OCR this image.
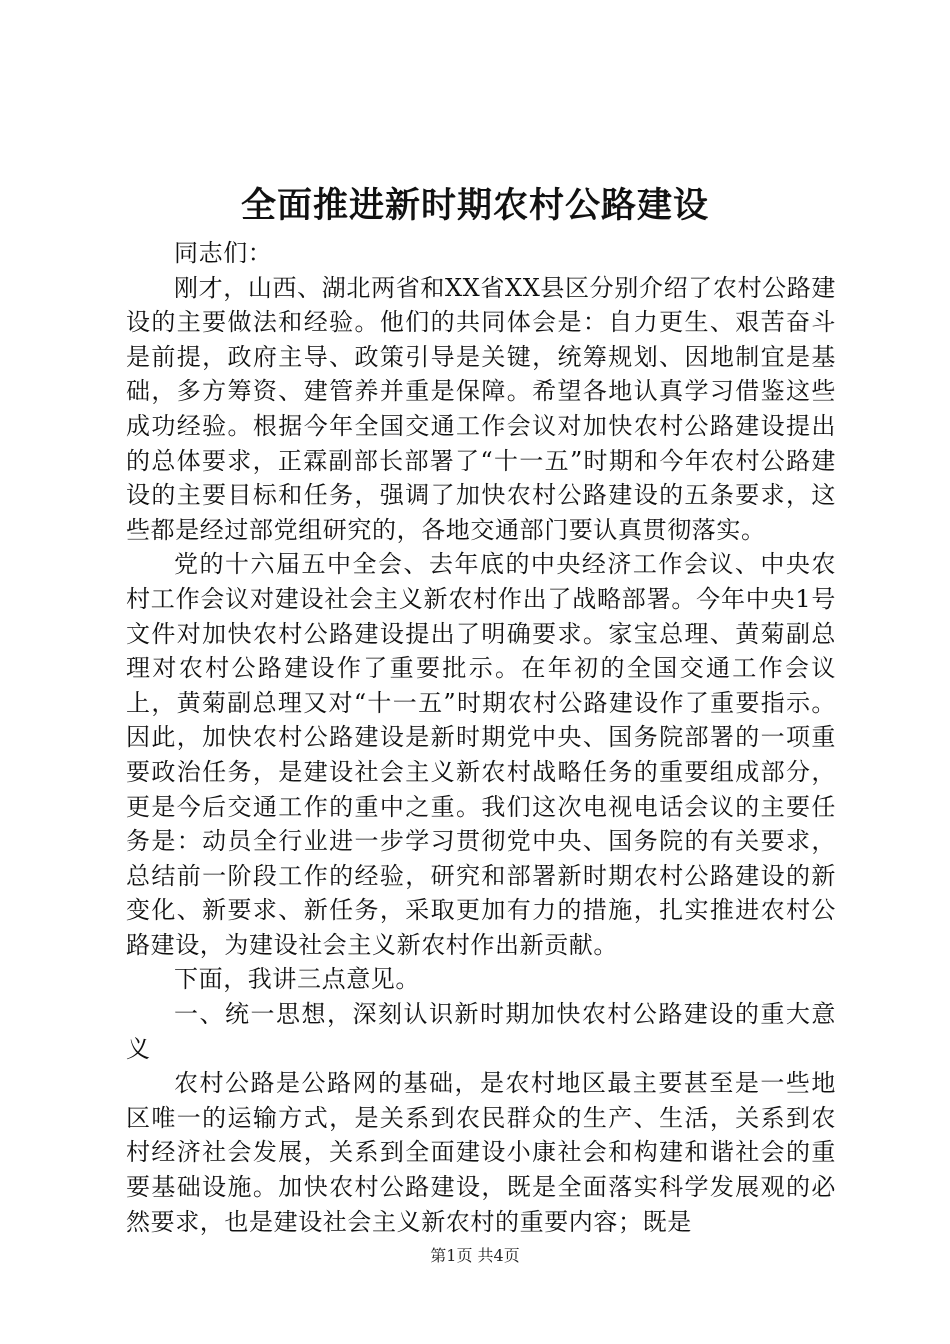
全面推进新时期农村公路建设

同志们：

刚才，山西、湖北两省和XX省XX县区分别介绍了农村公路建设的主要做法和经验。他们的共同体会是：自力更生、艰苦奋斗是前提，政府主导、政策引导是关键，统筹规划、因地制宜是基础，多方筹资、建管养并重是保障。希望各地认真学习借鉴这些成功经验。根据今年全国交通工作会议对加快农村公路建设提出的总体要求，正霖副部长部署了“十一五”时期和今年农村公路建设的主要目标和任务，强调了加快农村公路建设的五条要求，这些都是经过部党组研究的，各地交通部门要认真贯彻落实。

党的十六届五中全会、去年底的中央经济工作会议、中央农村工作会议对建设社会主义新农村作出了战略部署。今年中央1号文件对加快农村公路建设提出了明确要求。家宝总理、黄菊副总理对农村公路建设作了重要批示。在年初的全国交通工作会议上，黄菊副总理又对“十一五”时期农村公路建设作了重要指示。因此，加快农村公路建设是新时期党中央、国务院部署的一项重要政治任务，是建设社会主义新农村战略任务的重要组成部分，更是今后交通工作的重中之重。我们这次电视电话会议的主要任务是：动员全行业进一步学习贯彻党中央、国务院的有关要求，总结前一阶段工作的经验，研究和部署新时期农村公路建设的新变化、新要求、新任务，采取更加有力的措施，扎实推进农村公路建设，为建设社会主义新农村作出新贡献。

下面，我讲三点意见。

一、统一思想，深刻认识新时期加快农村公路建设的重大意义

农村公路是公路网的基础，是农村地区最主要甚至是一些地区唯一的运输方式，是关系到农民群众的生产、生活，关系到农村经济社会发展，关系到全面建设小康社会和构建和谐社会的重要基础设施。加快农村公路建设，既是全面落实科学发展观的必然要求，也是建设社会主义新农村的重要内容；既是

第1页 共4页
